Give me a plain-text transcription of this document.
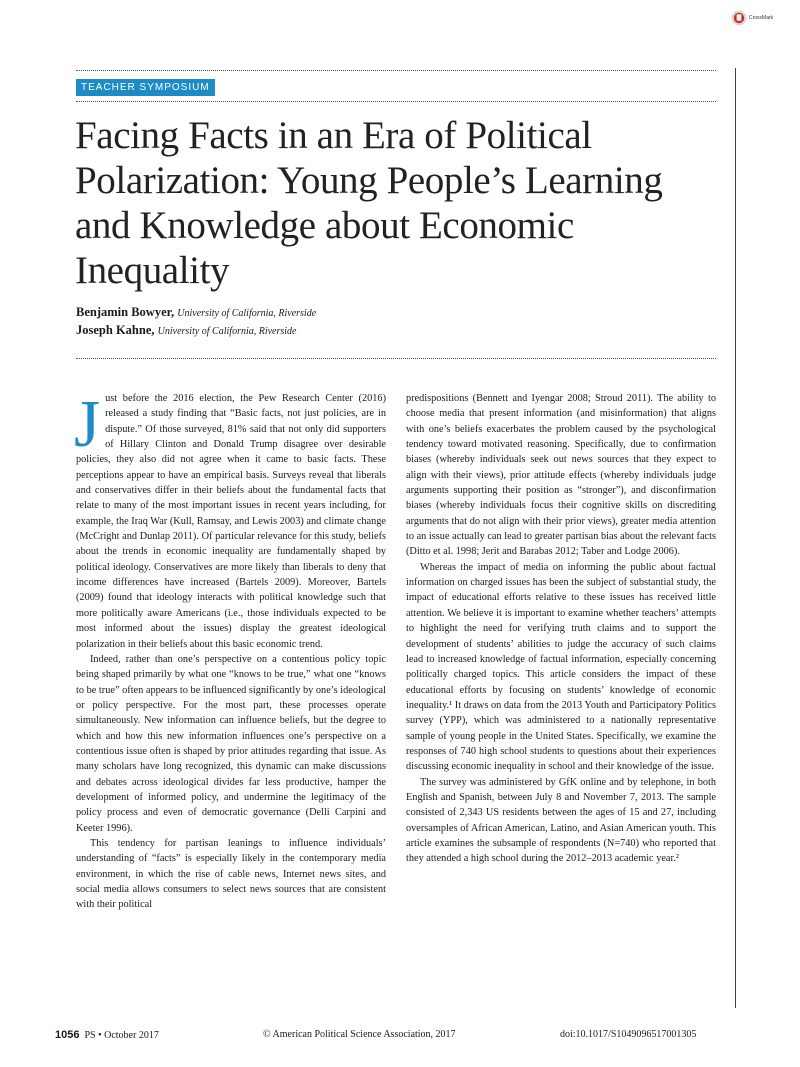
CrossMark
TEACHER SYMPOSIUM
Facing Facts in an Era of Political Polarization: Young People’s Learning and Knowledge about Economic Inequality
Benjamin Bowyer, University of California, Riverside
Joseph Kahne, University of California, Riverside

Just before the 2016 election, the Pew Research Center (2016) released a study finding that “Basic facts, not just policies, are in dispute.” Of those surveyed, 81% said that not only did supporters of Hillary Clinton and Donald Trump disagree over desirable policies, they also did not agree when it came to basic facts. These perceptions appear to have an empirical basis. Surveys reveal that liberals and conservatives differ in their beliefs about the fundamental facts that relate to many of the most important issues in recent years including, for example, the Iraq War (Kull, Ramsay, and Lewis 2003) and climate change (McCright and Dunlap 2011). Of particular relevance for this study, beliefs about the trends in economic inequality are fundamentally shaped by political ideology. Conservatives are more likely than liberals to deny that income differences have increased (Bartels 2009). Moreover, Bartels (2009) found that ideology interacts with political knowledge such that more politically aware Americans (i.e., those individuals expected to be most informed about the issues) display the greatest ideological polarization in their beliefs about this basic economic trend.

Indeed, rather than one’s perspective on a contentious policy topic being shaped primarily by what one “knows to be true,” what one “knows to be true” often appears to be influenced significantly by one’s ideological or policy perspective. For the most part, these processes operate simultaneously. New information can influence beliefs, but the degree to which and how this new information influences one’s perspective on a contentious issue often is shaped by prior attitudes regarding that issue. As many scholars have long recognized, this dynamic can make discussions and debates across ideological divides far less productive, hamper the development of informed policy, and undermine the legitimacy of the policy process and even of democratic governance (Delli Carpini and Keeter 1996).

This tendency for partisan leanings to influence individuals’ understanding of “facts” is especially likely in the contemporary media environment, in which the rise of cable news, Internet news sites, and social media allows consumers to select news sources that are consistent with their political

predispositions (Bennett and Iyengar 2008; Stroud 2011). The ability to choose media that present information (and misinformation) that aligns with one’s beliefs exacerbates the problem caused by the psychological tendency toward motivated reasoning. Specifically, due to confirmation biases (whereby individuals seek out news sources that they expect to align with their views), prior attitude effects (whereby individuals judge arguments supporting their position as “stronger”), and disconfirmation biases (whereby individuals focus their cognitive skills on discrediting arguments that do not align with their prior views), greater media attention to an issue actually can lead to greater partisan bias about the relevant facts (Ditto et al. 1998; Jerit and Barabas 2012; Taber and Lodge 2006).

Whereas the impact of media on informing the public about factual information on charged issues has been the subject of substantial study, the impact of educational efforts relative to these issues has received little attention. We believe it is important to examine whether teachers’ attempts to highlight the need for verifying truth claims and to support the development of students’ abilities to judge the accuracy of such claims lead to increased knowledge of factual information, especially concerning politically charged topics. This article considers the impact of these educational efforts by focusing on students’ knowledge of economic inequality.¹ It draws on data from the 2013 Youth and Participatory Politics survey (YPP), which was administered to a nationally representative sample of young people in the United States. Specifically, we examine the responses of 740 high school students to questions about their experiences discussing economic inequality in school and their knowledge of the issue.

The survey was administered by GfK online and by telephone, in both English and Spanish, between July 8 and November 7, 2013. The sample consisted of 2,343 US residents between the ages of 15 and 27, including oversamples of African American, Latino, and Asian American youth. This article examines the subsample of respondents (N=740) who reported that they attended a high school during the 2012–2013 academic year.²

1056 PS • October 2017	© American Political Science Association, 2017	doi:10.1017/S1049096517001305
